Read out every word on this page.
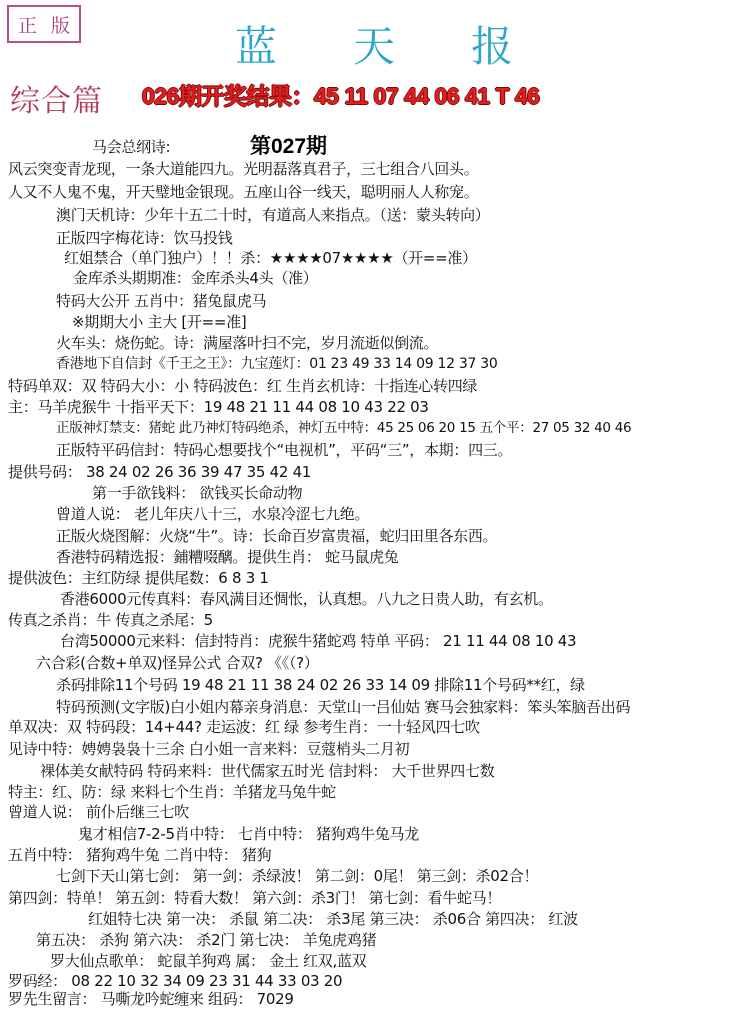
正 版	蓝 天 报
综合篇 026期开奖结果：45 11 07 44 06 41 T 46
第027期
马会总纲诗:
风云突变青龙现，一条大道能四九。光明磊落真君子，三七组合八回头。
人又不人鬼不鬼，开天璧地金银现。五座山谷一线天，聪明丽人人称宠。
澳门天机诗：少年十五二十时，有道高人来指点。（送：蒙头转向）
正版四字梅花诗：饮马投钱
红姐禁合（单门独户）！！杀：★★★★07★★★★（开==准）
金库杀头期期准：金库杀头4头（准）
特码大公开 五肖中：猪兔鼠虎马
※期期大小 主大 [开==准]
火车头：烧伤蛇。诗：满屋落叶扫不完，岁月流逝似倒流。
香港地下自信封《千王之王》：九宝莲灯：01 23 49 33 14 09 12 37 30
特码单双：双 特码大小：小 特码波色：红 生肖玄机诗：十指连心转四绿
主：马羊虎猴牛 十指平天下：19 48 21 11 44 08 10 43 22 03
正版神灯禁支：猪蛇 此乃神灯特码绝杀，神灯五中特：45 25 06 20 15 五个平：27 05 32 40 46
正版特平码信封：特码心想要找个“电视机”，平码“三”，本期：四三。
提供号码： 38 24 02 26 36 39 47 35 42 41
第一手欲钱料： 欲钱买长命动物
曾道人说： 老儿年庆八十三，水泉冷涩七九绝。
正版火烧图解：火烧“牛”。诗：长命百岁富贵福，蛇归田里各东西。
香港特码精选报：鋪糟啜醨。提供生肖： 蛇马鼠虎兔
提供波色：主红防绿 提供尾数：6 8 3 1
香港6000元传真料：春风满目还惆怅，认真想。八九之日贵人助，有玄机。
传真之杀肖：牛 传真之杀尾：5
台湾50000元来料：信封特肖：虎猴牛猪蛇鸡 特单 平码： 21 11 44 08 10 43
六合彩(合数+单双)怪异公式 合双? 《《（?）
杀码排除11个号码 19 48 21 11 38 24 02 26 33 14 09 排除11个号码**红，绿
特码预测(文字版)白小姐内幕亲身消息：天堂山一吕仙姑 赛马会独家料：笨头笨脑吾出码
单双决：双 特码段：14+44? 走运波：红 绿 参考生肖：一十轻风四七吹
见诗中特：娉娉袅袅十三余 白小姐一言来料：豆蔻梢头二月初
裸体美女献特码 特码来料：世代儒家五时光 信封料： 大千世界四七数
特主：红、防：绿 来料七个生肖：羊猪龙马兔牛蛇
曾道人说： 前仆后继三七吹
鬼才相信7-2-5肖中特： 七肖中特： 猪狗鸡牛兔马龙
五肖中特： 猪狗鸡牛兔 二肖中特： 猪狗
七剑下天山第七剑： 第一剑：杀绿波！ 第二剑：0尾！ 第三剑：杀02合！
第四剑：特单！ 第五剑：特看大数！ 第六剑：杀3门！ 第七剑：看牛蛇马！
红姐特七决 第一决： 杀鼠 第二决： 杀3尾 第三决： 杀06合 第四决： 红波
第五决： 杀狗 第六决： 杀2门 第七决： 羊兔虎鸡猪
罗大仙点歌单： 蛇鼠羊狗鸡 属： 金土 红双,蓝双
罗码经： 08 22 10 32 34 09 23 31 44 33 03 20
罗先生留言： 马嘶龙吟蛇缠来 组码： 7029
